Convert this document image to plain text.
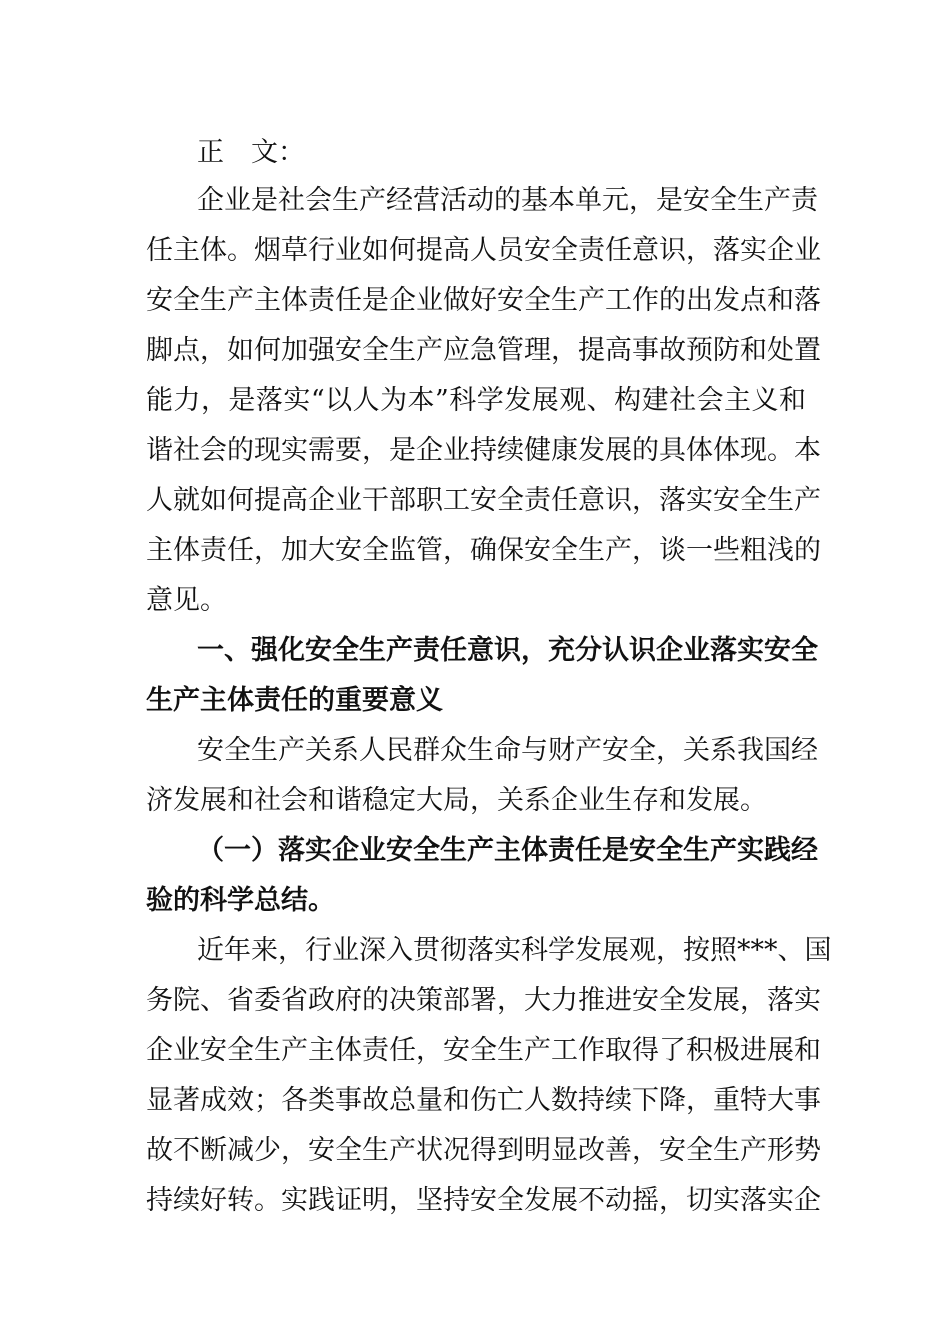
正　文：
企业是社会生产经营活动的基本单元，是安全生产责
任主体。烟草行业如何提高人员安全责任意识，落实企业
安全生产主体责任是企业做好安全生产工作的出发点和落
脚点，如何加强安全生产应急管理，提高事故预防和处置
能力，是落实“以人为本”科学发展观、构建社会主义和
谐社会的现实需要，是企业持续健康发展的具体体现。本
人就如何提高企业干部职工安全责任意识，落实安全生产
主体责任，加大安全监管，确保安全生产，谈一些粗浅的
意见。
一、强化安全生产责任意识，充分认识企业落实安全
生产主体责任的重要意义
安全生产关系人民群众生命与财产安全，关系我国经
济发展和社会和谐稳定大局，关系企业生存和发展。
（一）落实企业安全生产主体责任是安全生产实践经
验的科学总结。
近年来，行业深入贯彻落实科学发展观，按照***、国
务院、省委省政府的决策部署，大力推进安全发展，落实
企业安全生产主体责任，安全生产工作取得了积极进展和
显著成效；各类事故总量和伤亡人数持续下降，重特大事
故不断减少，安全生产状况得到明显改善，安全生产形势
持续好转。实践证明，坚持安全发展不动摇，切实落实企
